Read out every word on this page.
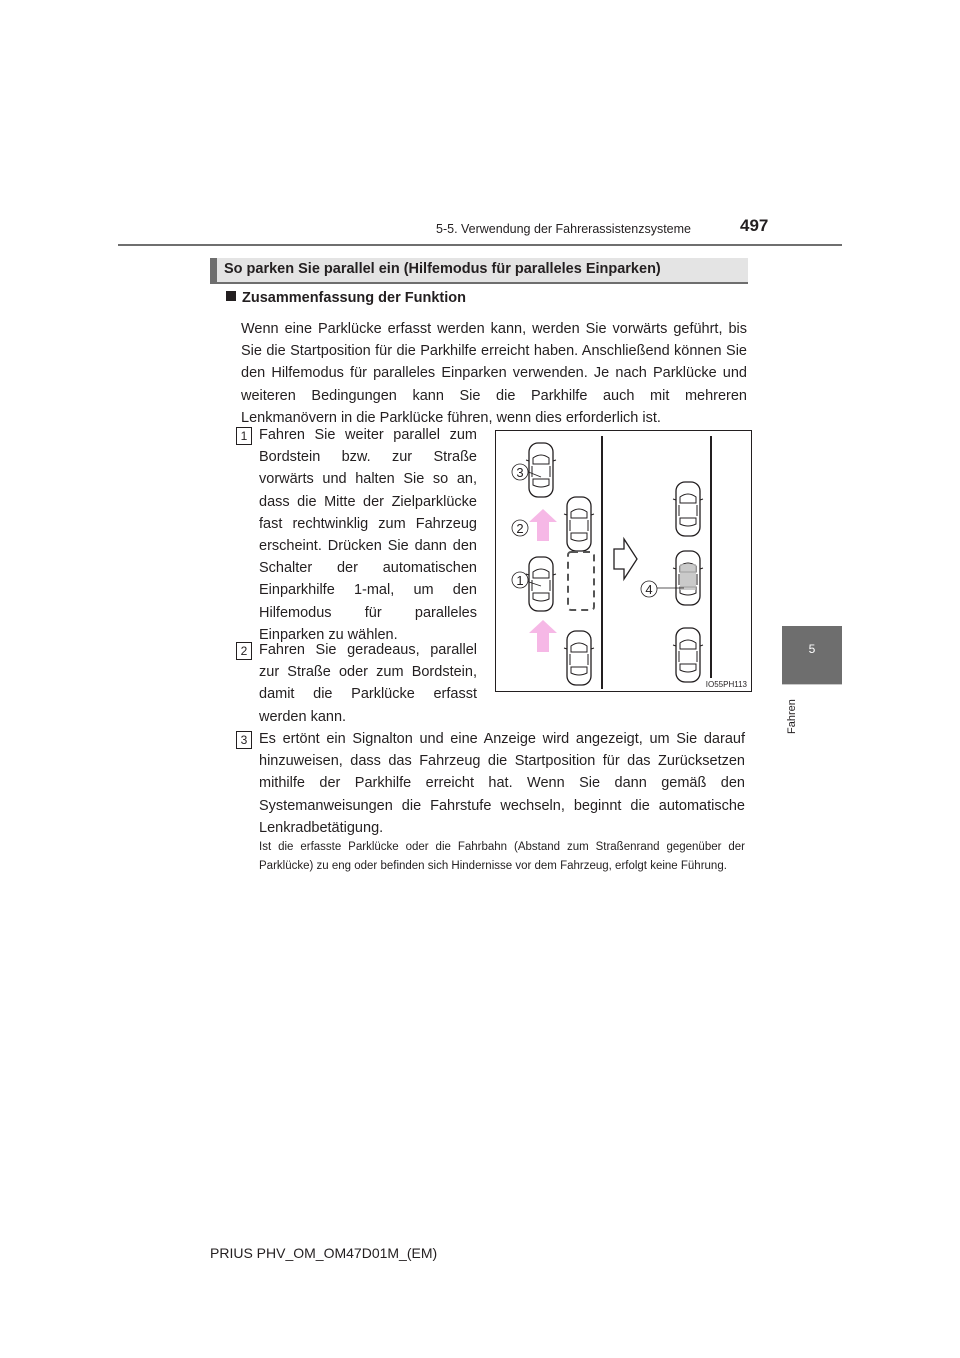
5-5. Verwendung der Fahrerassistenzsysteme	497
5
Fahren
So parken Sie parallel ein (Hilfemodus für paralleles Einparken)
Zusammenfassung der Funktion
Wenn eine Parklücke erfasst werden kann, werden Sie vorwärts geführt, bis Sie die Startposition für die Parkhilfe erreicht haben. Anschließend können Sie den Hilfemodus für paralleles Einparken verwenden. Je nach Parklücke und weiteren Bedingungen kann Sie die Parkhilfe auch mit mehreren Lenkmanövern in die Parklücke führen, wenn dies erforderlich ist.
1 Fahren Sie weiter parallel zum Bordstein bzw. zur Straße vorwärts und halten Sie so an, dass die Mitte der Zielparklücke fast rechtwinklig zum Fahrzeug erscheint. Drücken Sie dann den Schalter der automatischen Einparkhilfe 1-mal, um den Hilfemodus für paralleles Einparken zu wählen.
2 Fahren Sie geradeaus, parallel zur Straße oder zum Bordstein, damit die Parklücke erfasst werden kann.
3 Es ertönt ein Signalton und eine Anzeige wird angezeigt, um Sie darauf hinzuweisen, dass das Fahrzeug die Startposition für das Zurücksetzen mithilfe der Parkhilfe erreicht hat. Wenn Sie dann gemäß den Systemanweisungen die Fahrstufe wechseln, beginnt die automatische Lenkradbetätigung.
Ist die erfasste Parklücke oder die Fahrbahn (Abstand zum Straßenrand gegenüber der Parklücke) zu eng oder befinden sich Hindernisse vor dem Fahrzeug, erfolgt keine Führung.
3
2
1
4
IO55PH113
PRIUS PHV_OM_OM47D01M_(EM)
